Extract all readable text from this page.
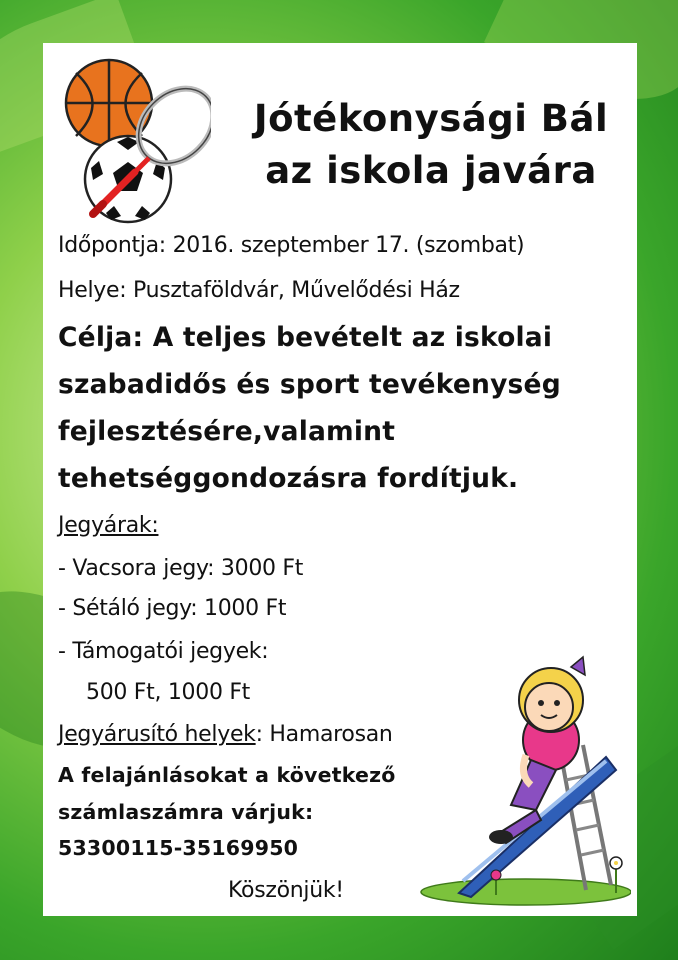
Jótékonysági Bál
az iskola javára
Időpontja: 2016. szeptember 17. (szombat)
Helye: Pusztaföldvár, Művelődési Ház
Célja: A teljes bevételt az iskolai
szabadidős és sport tevékenység
fejlesztésére,valamint
tehetséggondozásra fordítjuk.
Jegyárak:
- Vacsora jegy: 3000 Ft
- Sétáló jegy: 1000 Ft
- Támogatói jegyek:
500 Ft, 1000 Ft
Jegyárusító helyek: Hamarosan
A felajánlásokat a következő
számlaszámra várjuk:
53300115-35169950
Köszönjük!
